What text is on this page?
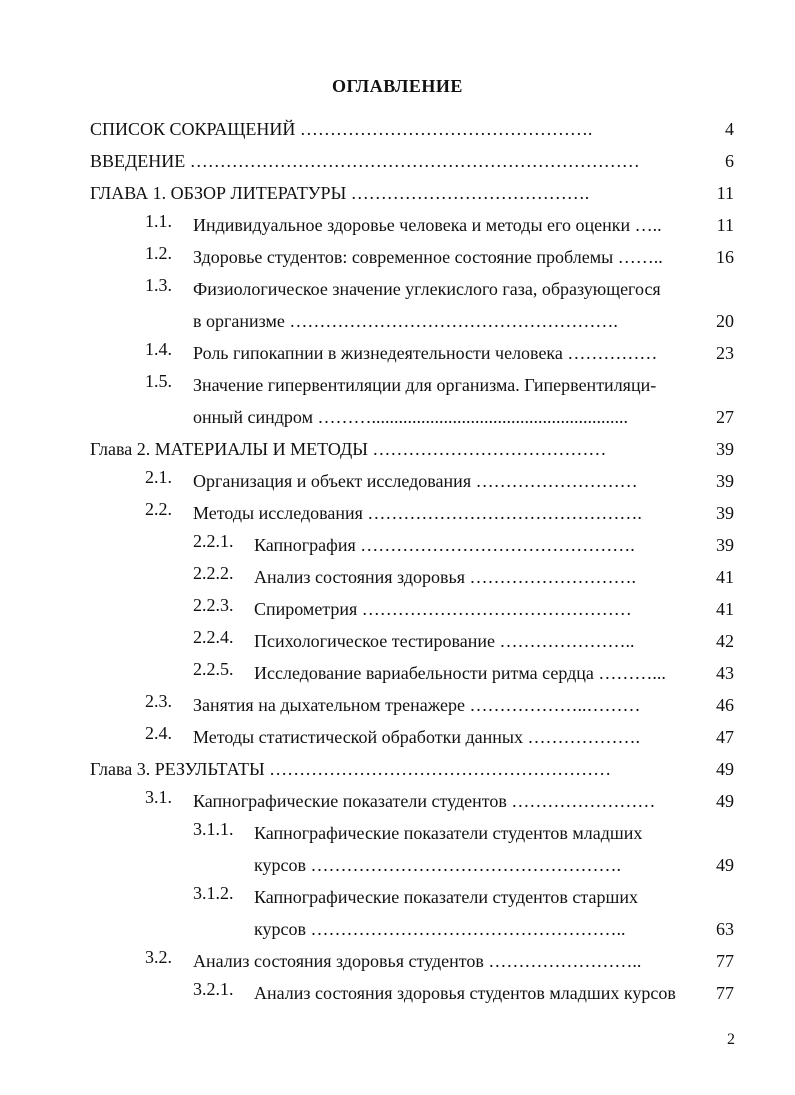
ОГЛАВЛЕНИЕ
СПИСОК СОКРАЩЕНИЙ ………………………………………….	4
ВВЕДЕНИЕ …………………………………………………………………	6
ГЛАВА 1. ОБЗОР ЛИТЕРАТУРЫ ………………………………….	11
1.1. Индивидуальное здоровье человека и методы его оценки …..	11
1.2. Здоровье студентов: современное состояние проблемы ……..	16
1.3. Физиологическое значение углекислого газа, образующегося
в организме ……………………………………………….	20
1.4. Роль гипокапнии в жизнедеятельности человека ……………	23
1.5. Значение гипервентиляции для организма. Гипервентиляци-
онный синдром ……….........................................................	27
Глава 2. МАТЕРИАЛЫ И МЕТОДЫ …………………………………	39
2.1. Организация и объект исследования ………………………	39
2.2. Методы исследования ……………………………………….	39
2.2.1. Капнография ……………………………………….	39
2.2.2. Анализ состояния здоровья ……………………….	41
2.2.3. Спирометрия ………………………………………	41
2.2.4. Психологическое тестирование …………………..	42
2.2.5. Исследование вариабельности ритма сердца ………...	43
2.3. Занятия на дыхательном тренажере ………………..………	46
2.4. Методы статистической обработки данных ……………….	47
Глава 3. РЕЗУЛЬТАТЫ …………………………………………………	49
3.1. Капнографические показатели студентов ……………………	49
3.1.1. Капнографические показатели студентов младших
курсов …………………………………………….	49
3.1.2. Капнографические показатели студентов старших
курсов ……………………………………………..	63
3.2. Анализ состояния здоровья студентов ……………………..	77
3.2.1. Анализ состояния здоровья студентов младших курсов	77
2
